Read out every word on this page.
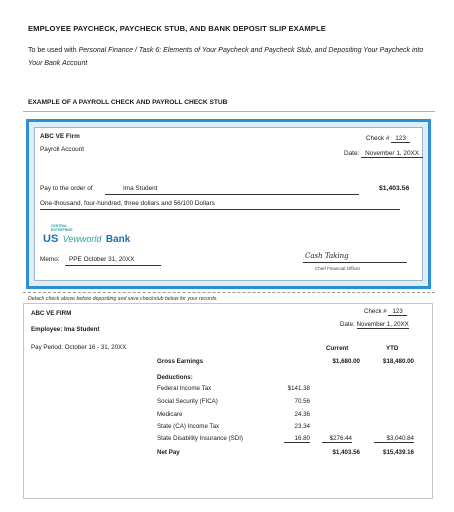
EMPLOYEE PAYCHECK, PAYCHECK STUB, AND BANK DEPOSIT SLIP EXAMPLE
To be used with Personal Finance / Task 6: Elements of Your Paycheck and Paycheck Stub, and Depositing Your Paycheck into Your Bank Account
EXAMPLE OF A PAYROLL CHECK AND PAYROLL CHECK STUB
ABC VE Firm
Payroll Account
Check # 123
Date: November 1, 20XX
Pay to the order of	Ima Student	$1,403.56
One-thousand, four-hundred, three dollars and 56/100 Dollars
CENTRAL
ENTERPRISE
US Vewworld Bank
Memo: PPE October 31, 20XX	Cash Taking
Chief Financial Officer
Detach check above before depositing and save checkstub below for your records.
ABC VE FIRM
Employee: Ima Student
Pay Period: October 16 - 31, 20XX
Check # 123
Date: November 1, 20XX
Current	YTD
Gross Earnings	$1,680.00	$18,480.00
Deductions:
Federal Income Tax	$141.38
Social Security (FICA)	70.56
Medicare	24.36
State (CA) Income Tax	23.34
State Disability Insurance (SDI)	16.80	$276.44	$3,040.84
Net Pay	$1,403.56	$15,439.16
